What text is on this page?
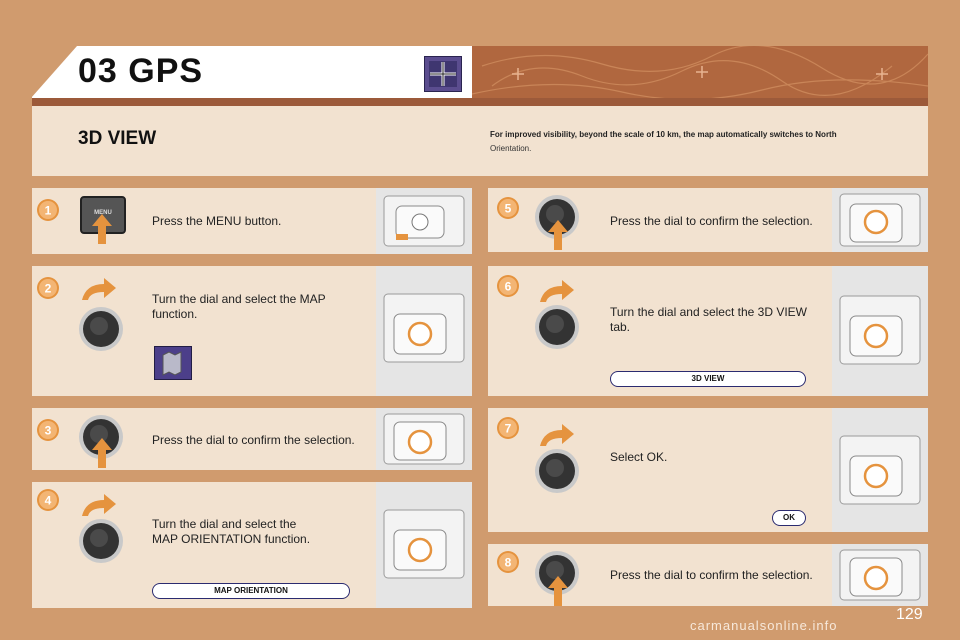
03 GPS
3D VIEW	For improved visibility, beyond the scale of 10 km, the map automatically switches to North
Orientation.
1	MENU
Press the MENU button.
2
Turn the dial and select the MAP
function.
3
Press the dial to confirm the selection.
4
Turn the dial and select the
MAP ORIENTATION function.
MAP ORIENTATION
5
Press the dial to confirm the selection.
6
Turn the dial and select the 3D VIEW
tab.
3D VIEW
7
Select OK.
OK
8
Press the dial to confirm the selection.
129
carmanualsonline.info
